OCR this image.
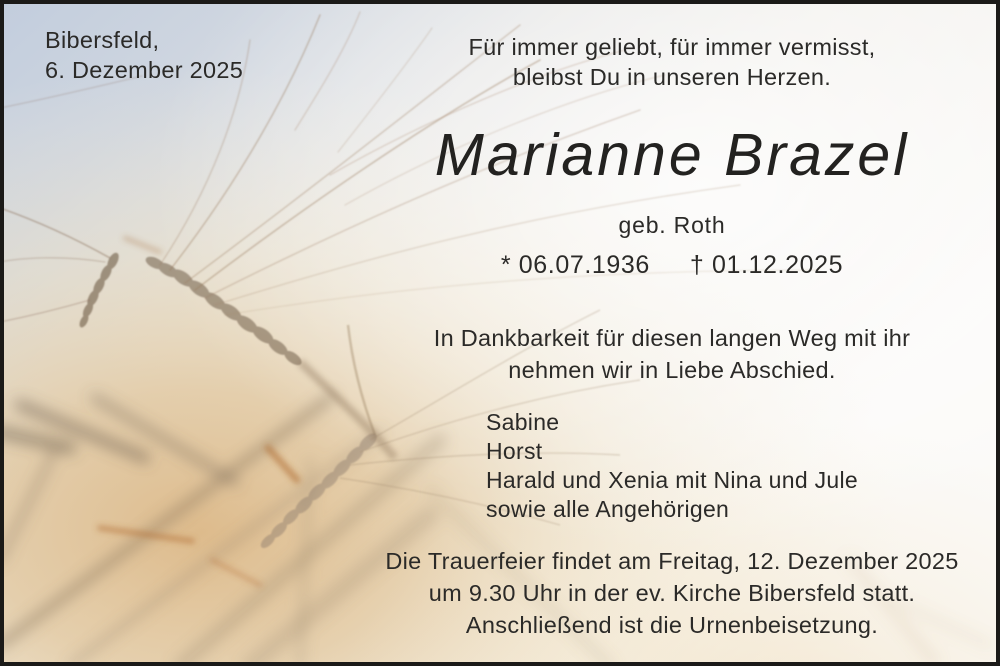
Bibersfeld,
6. Dezember 2025
Für immer geliebt, für immer vermisst,
bleibst Du in unseren Herzen.
Marianne Brazel
geb. Roth
* 06.07.1936 † 01.12.2025
In Dankbarkeit für diesen langen Weg mit ihr
nehmen wir in Liebe Abschied.
Sabine
Horst
Harald und Xenia mit Nina und Jule
sowie alle Angehörigen
Die Trauerfeier findet am Freitag, 12. Dezember 2025
um 9.30 Uhr in der ev. Kirche Bibersfeld statt.
Anschließend ist die Urnenbeisetzung.
